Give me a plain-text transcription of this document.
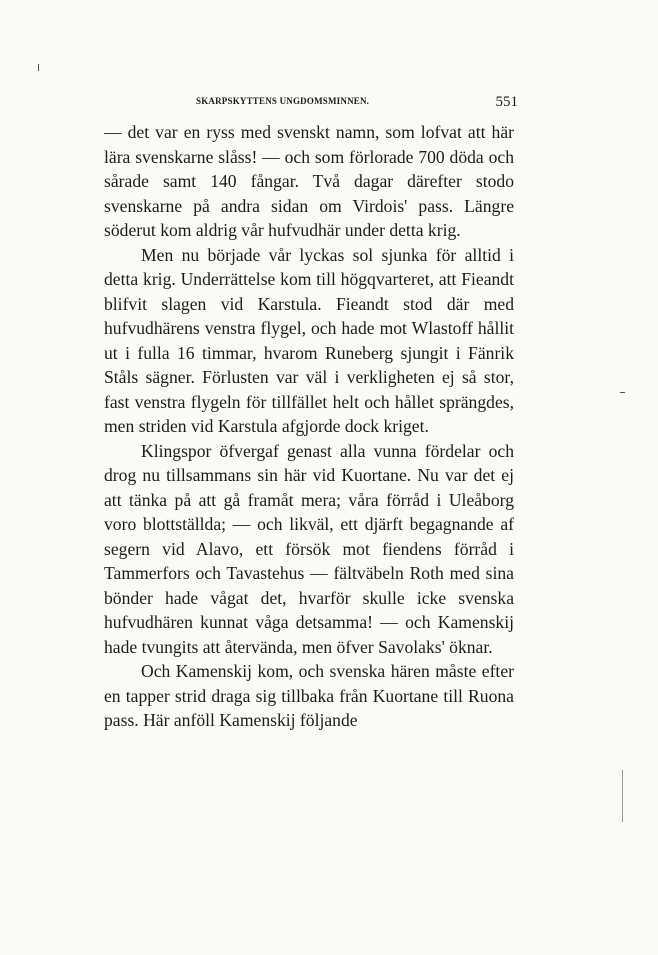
SKARPSKYTTENS UNGDOMSMINNEN.	551

— det var en ryss med svenskt namn, som lofvat att här lära svenskarne slåss! — och som förlorade 700 döda och sårade samt 140 fångar. Två dagar därefter stodo svenskarne på andra sidan om Virdois' pass. Längre söderut kom aldrig vår hufvudhär under detta krig.

Men nu började vår lyckas sol sjunka för alltid i detta krig. Underrättelse kom till högqvarteret, att Fieandt blifvit slagen vid Karstula. Fieandt stod där med hufvudhärens venstra flygel, och hade mot Wlastoff hållit ut i fulla 16 timmar, hvarom Runeberg sjungit i Fänrik Ståls sägner. Förlusten var väl i verkligheten ej så stor, fast venstra flygeln för tillfället helt och hållet sprängdes, men striden vid Karstula afgjorde dock kriget.

Klingspor öfvergaf genast alla vunna fördelar och drog nu tillsammans sin här vid Kuortane. Nu var det ej att tänka på att gå framåt mera; våra förråd i Uleåborg voro blottställda; — och likväl, ett djärft begagnande af segern vid Alavo, ett försök mot fiendens förråd i Tammerfors och Tavastehus — fältväbeln Roth med sina bönder hade vågat det, hvarför skulle icke svenska hufvudhären kunnat våga detsamma! — och Kamenskij hade tvungits att återvända, men öfver Savolaks' öknar.

Och Kamenskij kom, och svenska hären måste efter en tapper strid draga sig tillbaka från Kuortane till Ruona pass. Här anföll Kamenskij följande
